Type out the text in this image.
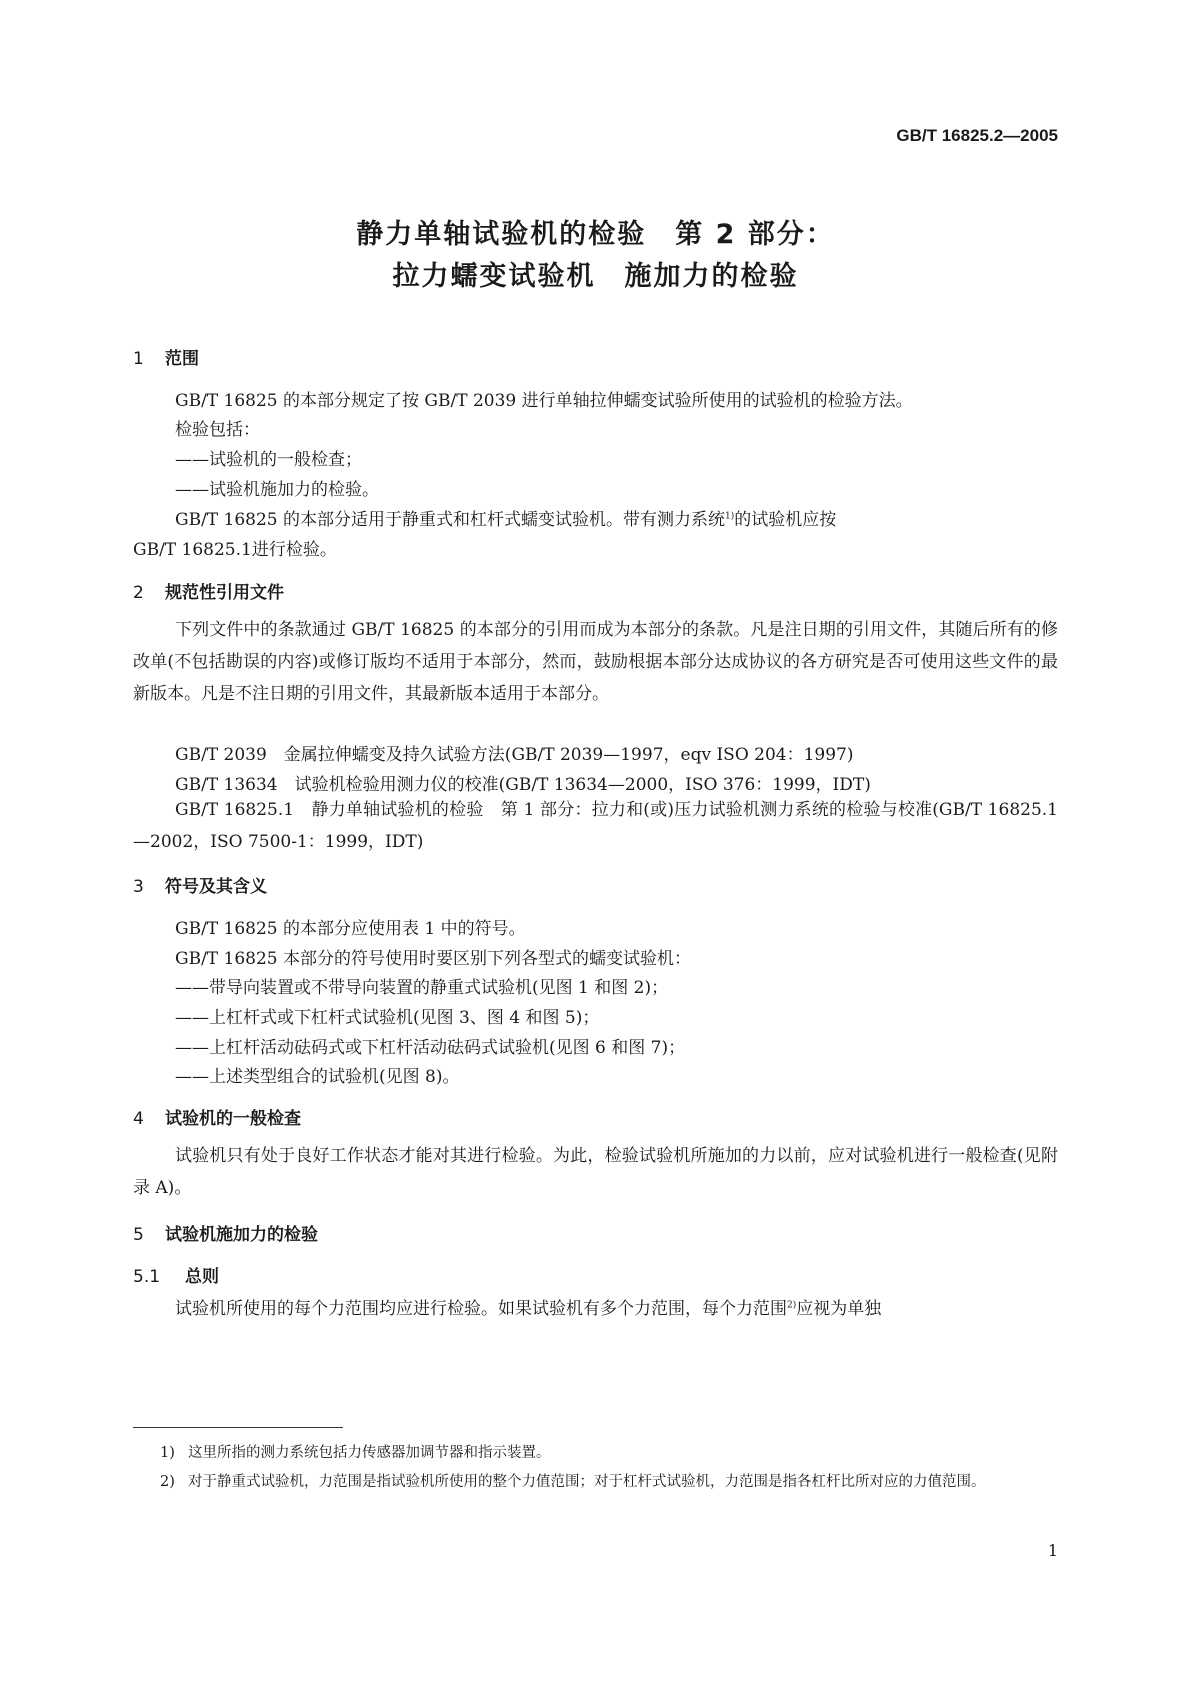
GB/T 16825.2—2005
静力单轴试验机的检验　第 2 部分：
拉力蠕变试验机　施加力的检验
1 范围
GB/T 16825 的本部分规定了按 GB/T 2039 进行单轴拉伸蠕变试验所使用的试验机的检验方法。
检验包括：
——试验机的一般检查；
——试验机施加力的检验。
GB/T 16825 的本部分适用于静重式和杠杆式蠕变试验机。带有测力系统$^{1)}$的试验机应按
GB/T 16825.1进行检验。
2 规范性引用文件
下列文件中的条款通过 GB/T 16825 的本部分的引用而成为本部分的条款。凡是注日期的引用文件，其随后所有的修改单(不包括勘误的内容)或修订版均不适用于本部分，然而，鼓励根据本部分达成协议的各方研究是否可使用这些文件的最新版本。凡是不注日期的引用文件，其最新版本适用于本部分。
GB/T 2039　金属拉伸蠕变及持久试验方法(GB/T 2039—1997，eqv ISO 204：1997)
GB/T 13634　试验机检验用测力仪的校准(GB/T 13634—2000，ISO 376：1999，IDT)
GB/T 16825.1　静力单轴试验机的检验　第 1 部分：拉力和(或)压力试验机测力系统的检验与校准(GB/T 16825.1—2002，ISO 7500-1：1999，IDT)
3 符号及其含义
GB/T 16825 的本部分应使用表 1 中的符号。
GB/T 16825 本部分的符号使用时要区别下列各型式的蠕变试验机：
——带导向装置或不带导向装置的静重式试验机(见图 1 和图 2)；
——上杠杆式或下杠杆式试验机(见图 3、图 4 和图 5)；
——上杠杆活动砝码式或下杠杆活动砝码式试验机(见图 6 和图 7)；
——上述类型组合的试验机(见图 8)。
4 试验机的一般检查
试验机只有处于良好工作状态才能对其进行检验。为此，检验试验机所施加的力以前，应对试验机进行一般检查(见附录 A)。
5 试验机施加力的检验
5.1 总则
试验机所使用的每个力范围均应进行检验。如果试验机有多个力范围，每个力范围$^{2)}$应视为单独
1) 这里所指的测力系统包括力传感器加调节器和指示装置。
2) 对于静重式试验机，力范围是指试验机所使用的整个力值范围；对于杠杆式试验机，力范围是指各杠杆比所对应的力值范围。
1
